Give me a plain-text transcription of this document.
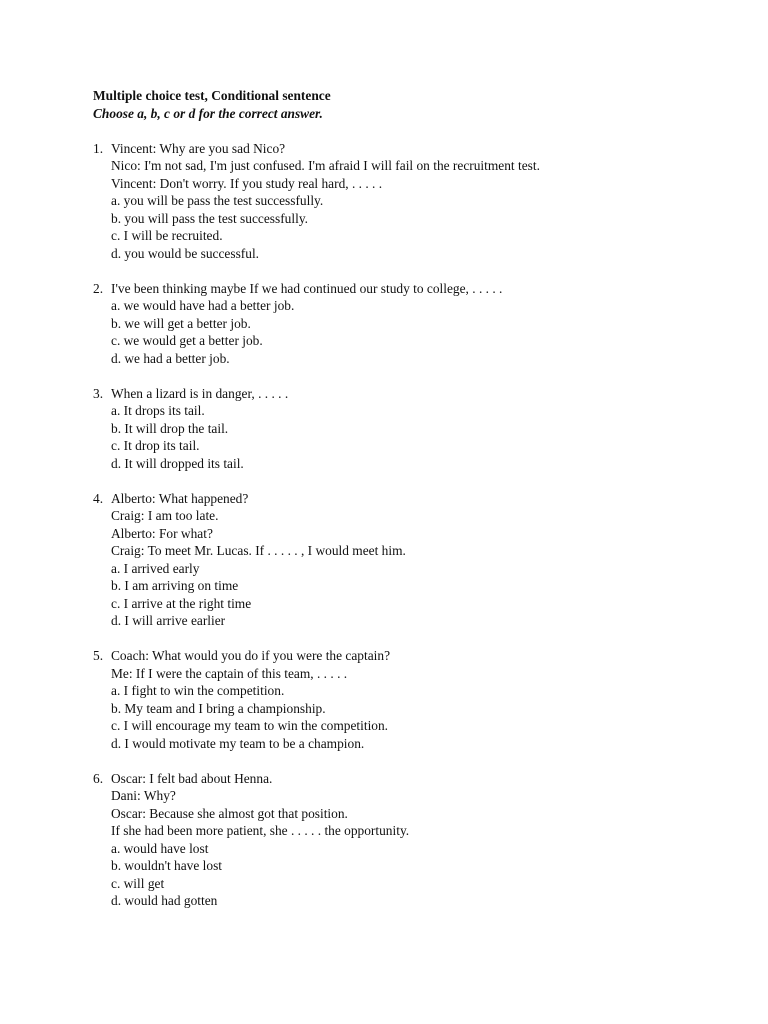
Multiple choice test, Conditional sentence
Choose a, b, c or d for the correct answer.
1. Vincent: Why are you sad Nico?
Nico: I'm not sad, I'm just confused. I'm afraid I will fail on the recruitment test.
Vincent: Don't worry. If you study real hard, . . . . .
a. you will be pass the test successfully.
b. you will pass the test successfully.
c. I will be recruited.
d. you would be successful.
2. I've been thinking maybe If we had continued our study to college, . . . . .
a. we would have had a better job.
b. we will get a better job.
c. we would get a better job.
d. we had a better job.
3. When a lizard is in danger, . . . . .
a. It drops its tail.
b. It will drop the tail.
c. It drop its tail.
d. It will dropped its tail.
4. Alberto: What happened?
Craig: I am too late.
Alberto: For what?
Craig: To meet Mr. Lucas. If . . . . . , I would meet him.
a. I arrived early
b. I am arriving on time
c. I arrive at the right time
d. I will arrive earlier
5. Coach: What would you do if you were the captain?
Me: If I were the captain of this team, . . . . .
a. I fight to win the competition.
b. My team and I bring a championship.
c. I will encourage my team to win the competition.
d. I would motivate my team to be a champion.
6. Oscar: I felt bad about Henna.
Dani: Why?
Oscar: Because she almost got that position.
If she had been more patient, she . . . . . the opportunity.
a. would have lost
b. wouldn't have lost
c. will get
d. would had gotten
